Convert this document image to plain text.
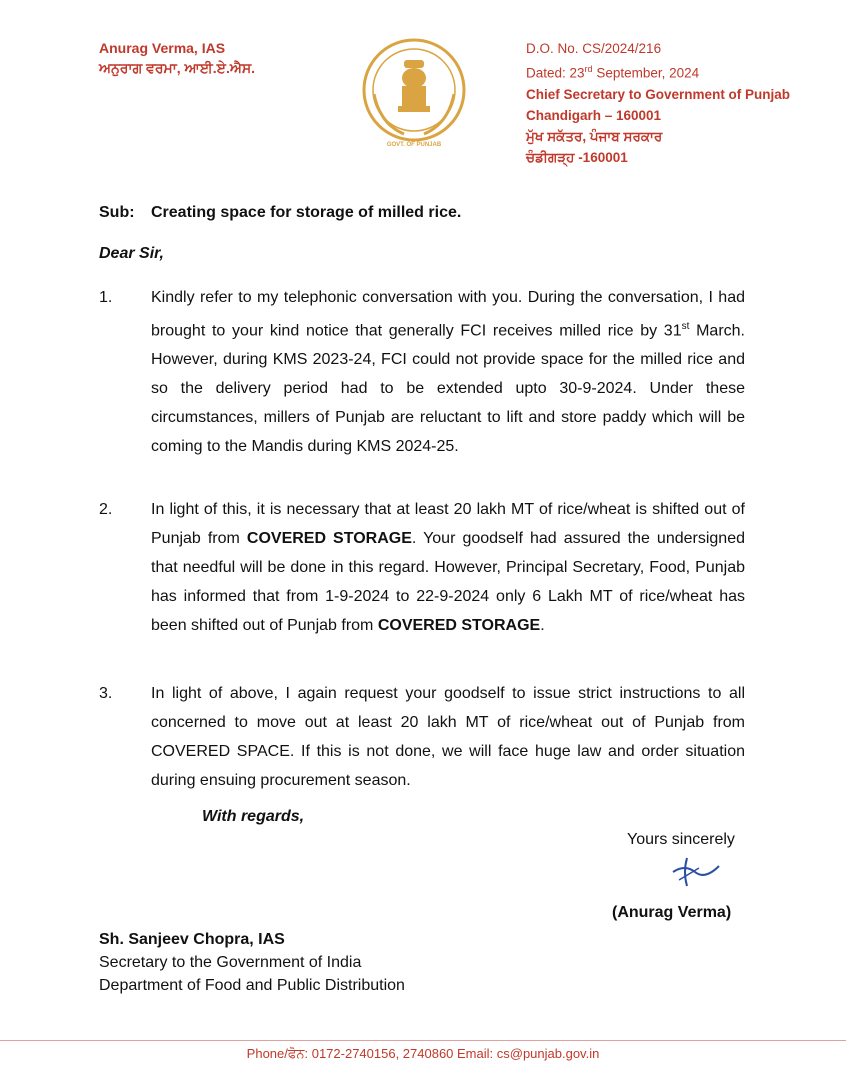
Anurag Verma, IAS
ਅਨੁਰਾਗ ਵਰਮਾ, ਆਈ.ਏ.ਐਸ.
GOVT. OF PUNJAB
D.O. No. CS/2024/216
Dated: 23rd September, 2024
Chief Secretary to Government of Punjab
Chandigarh – 160001
ਮੁੱਖ ਸਕੱਤਰ, ਪੰਜਾਬ ਸਰਕਾਰ
ਚੰਡੀਗੜ੍ਹ -160001
Sub: Creating space for storage of milled rice.
Dear Sir,
1. Kindly refer to my telephonic conversation with you. During the conversation, I had brought to your kind notice that generally FCI receives milled rice by 31st March. However, during KMS 2023-24, FCI could not provide space for the milled rice and so the delivery period had to be extended upto 30-9-2024. Under these circumstances, millers of Punjab are reluctant to lift and store paddy which will be coming to the Mandis during KMS 2024-25.
2. In light of this, it is necessary that at least 20 lakh MT of rice/wheat is shifted out of Punjab from COVERED STORAGE. Your goodself had assured the undersigned that needful will be done in this regard. However, Principal Secretary, Food, Punjab has informed that from 1-9-2024 to 22-9-2024 only 6 Lakh MT of rice/wheat has been shifted out of Punjab from COVERED STORAGE.
3. In light of above, I again request your goodself to issue strict instructions to all concerned to move out at least 20 lakh MT of rice/wheat out of Punjab from COVERED SPACE. If this is not done, we will face huge law and order situation during ensuing procurement season.
With regards,
Yours sincerely
(Anurag Verma)
Sh. Sanjeev Chopra, IAS
Secretary to the Government of India
Department of Food and Public Distribution
Phone/ਫੋਨ: 0172-2740156, 2740860 Email: cs@punjab.gov.in
